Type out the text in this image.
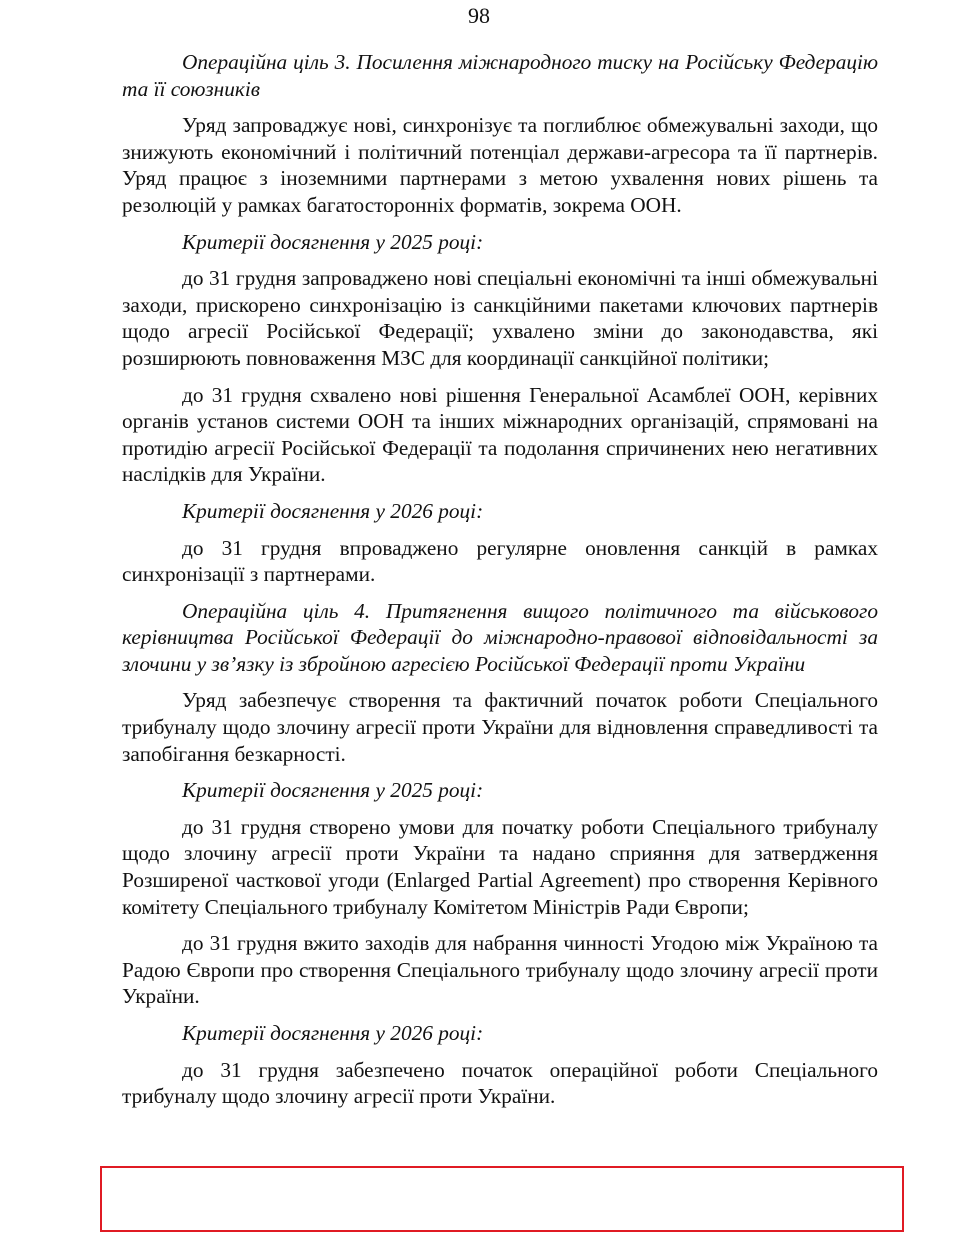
98

Операційна ціль 3. Посилення міжнародного тиску на Російську Федерацію та її союзників

Уряд запроваджує нові, синхронізує та поглиблює обмежувальні заходи, що знижують економічний і політичний потенціал держави-агресора та її партнерів. Уряд працює з іноземними партнерами з метою ухвалення нових рішень та резолюцій у рамках багатосторонніх форматів, зокрема ООН.

Критерії досягнення у 2025 році:

до 31 грудня запроваджено нові спеціальні економічні та інші обмежувальні заходи, прискорено синхронізацію із санкційними пакетами ключових партнерів щодо агресії Російської Федерації; ухвалено зміни до законодавства, які розширюють повноваження МЗС для координації санкційної політики;

до 31 грудня схвалено нові рішення Генеральної Асамблеї ООН, керівних органів установ системи ООН та інших міжнародних організацій, спрямовані на протидію агресії Російської Федерації та подолання спричинених нею негативних наслідків для України.

Критерії досягнення у 2026 році:

до 31 грудня впроваджено регулярне оновлення санкцій в рамках синхронізації з партнерами.

Операційна ціль 4. Притягнення вищого політичного та військового керівництва Російської Федерації до міжнародно-правової відповідальності за злочини у зв’язку із збройною агресією Російської Федерації проти України

Уряд забезпечує створення та фактичний початок роботи Спеціального трибуналу щодо злочину агресії проти України для відновлення справедливості та запобігання безкарності.

Критерії досягнення у 2025 році:

до 31 грудня створено умови для початку роботи Спеціального трибуналу щодо злочину агресії проти України та надано сприяння для затвердження Розширеної часткової угоди (Enlarged Partial Agreement) про створення Керівного комітету Спеціального трибуналу Комітетом Міністрів Ради Європи;

до 31 грудня вжито заходів для набрання чинності Угодою між Україною та Радою Європи про створення Спеціального трибуналу щодо злочину агресії проти України.

Критерії досягнення у 2026 році:

до 31 грудня забезпечено початок операційної роботи Спеціального трибуналу щодо злочину агресії проти України.
